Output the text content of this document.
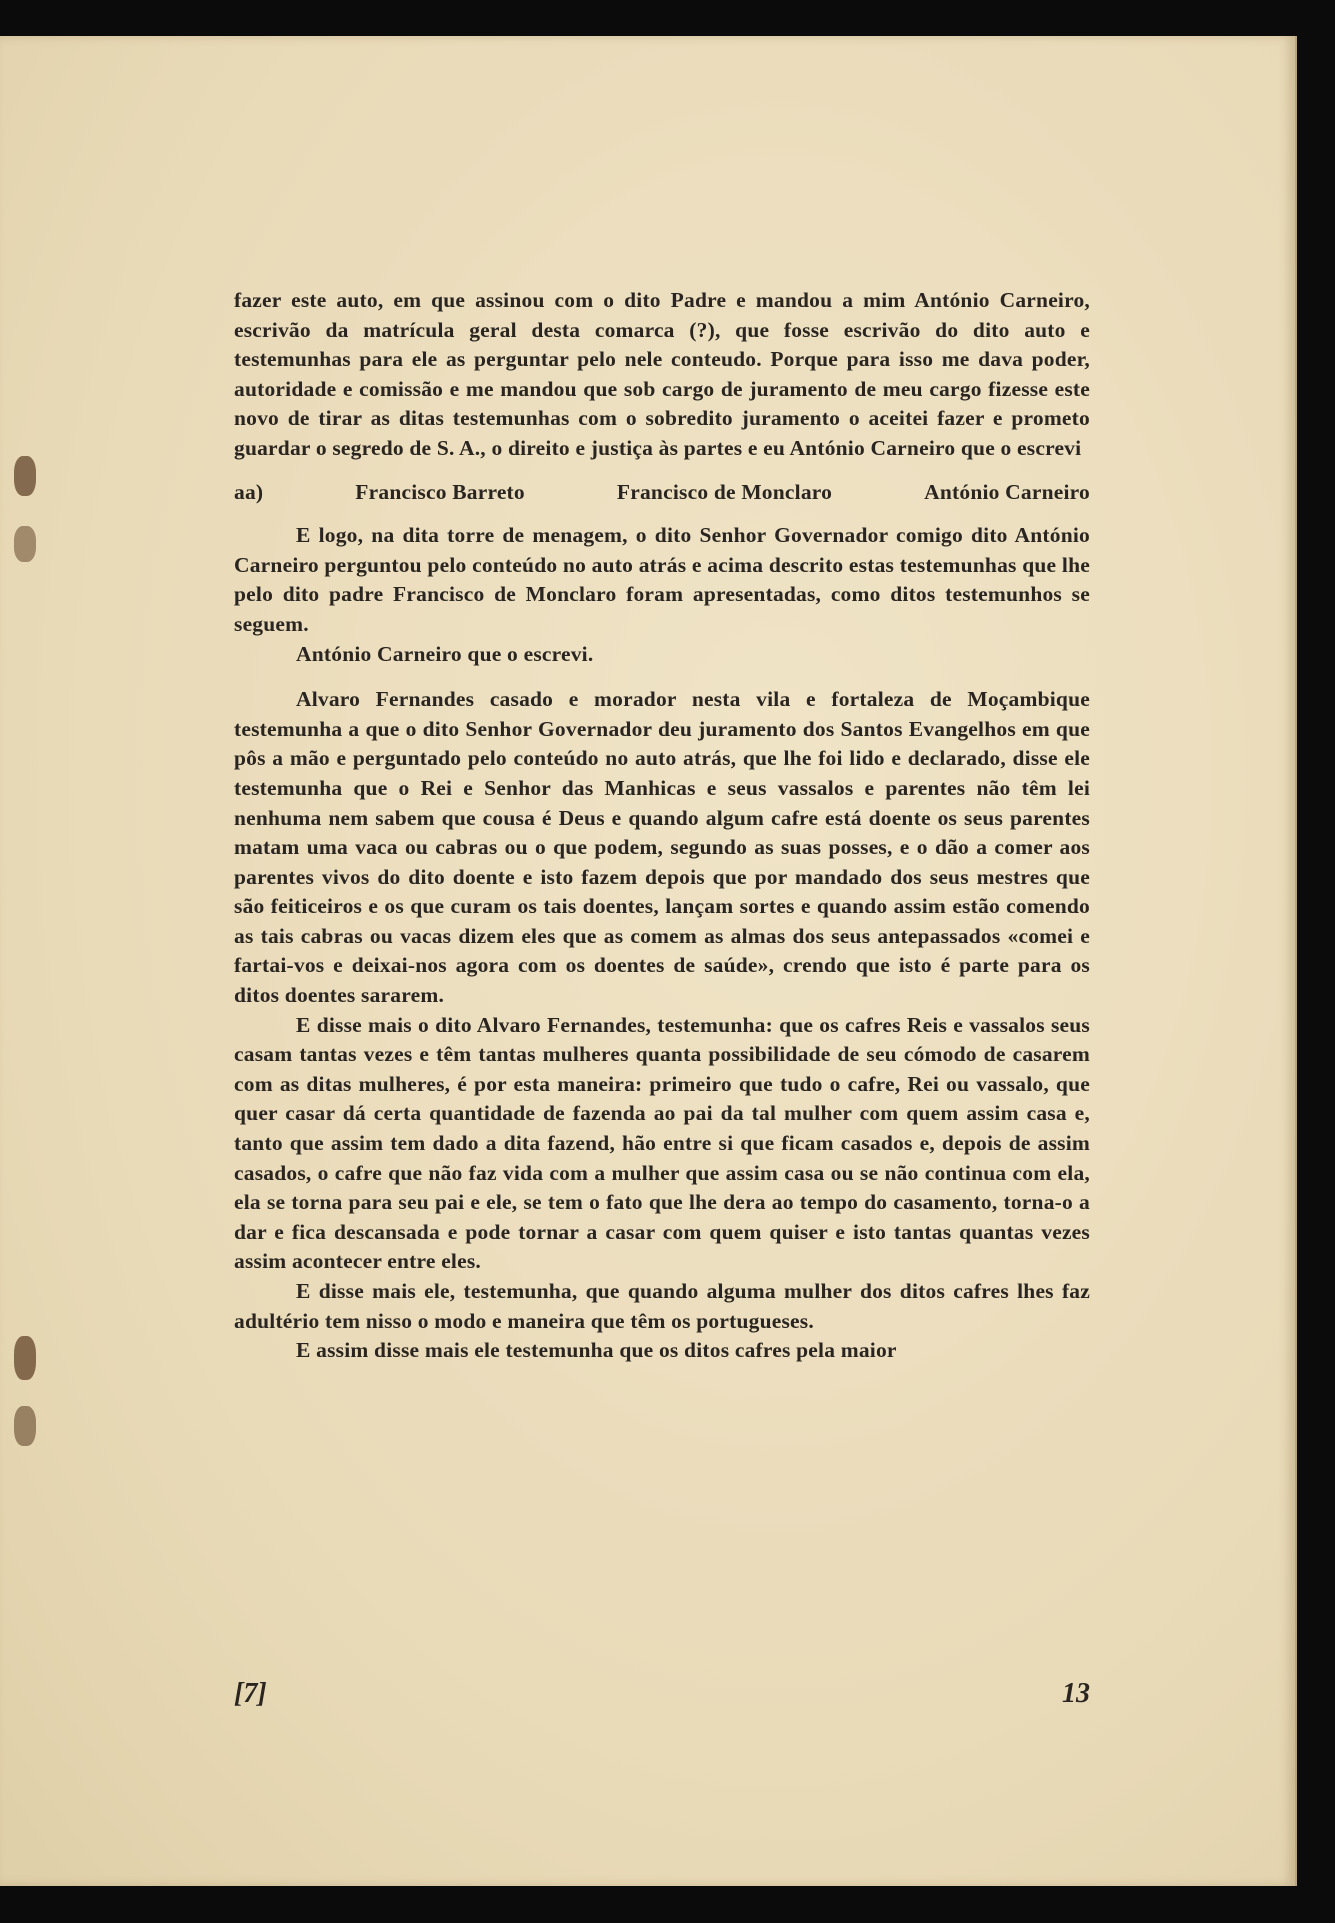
fazer este auto, em que assinou com o dito Padre e mandou a mim António Carneiro, escrivão da matrícula geral desta comarca (?), que fosse escrivão do dito auto e testemunhas para ele as perguntar pelo nele conteudo. Porque para isso me dava poder, autoridade e comissão e me mandou que sob cargo de juramento de meu cargo fizesse este novo de tirar as ditas testemunhas com o sobredito juramento o aceitei fazer e prometo guardar o segredo de S. A., o direito e justiça às partes e eu António Carneiro que o escrevi

aa)	Francisco Barreto	Francisco de Monclaro	António Carneiro

E logo, na dita torre de menagem, o dito Senhor Governador comigo dito António Carneiro perguntou pelo conteúdo no auto atrás e acima descrito estas testemunhas que lhe pelo dito padre Francisco de Monclaro foram apresentadas, como ditos testemunhos se seguem.

António Carneiro que o escrevi.

Alvaro Fernandes casado e morador nesta vila e fortaleza de Moçambique testemunha a que o dito Senhor Governador deu juramento dos Santos Evangelhos em que pôs a mão e perguntado pelo conteúdo no auto atrás, que lhe foi lido e declarado, disse ele testemunha que o Rei e Senhor das Manhicas e seus vassalos e parentes não têm lei nenhuma nem sabem que cousa é Deus e quando algum cafre está doente os seus parentes matam uma vaca ou cabras ou o que podem, segundo as suas posses, e o dão a comer aos parentes vivos do dito doente e isto fazem depois que por mandado dos seus mestres que são feiticeiros e os que curam os tais doentes, lançam sortes e quando assim estão comendo as tais cabras ou vacas dizem eles que as comem as almas dos seus antepassados «comei e fartai-vos e deixai-nos agora com os doentes de saúde», crendo que isto é parte para os ditos doentes sararem.

E disse mais o dito Alvaro Fernandes, testemunha: que os cafres Reis e vassalos seus casam tantas vezes e têm tantas mulheres quanta possibilidade de seu cómodo de casarem com as ditas mulheres, é por esta maneira: primeiro que tudo o cafre, Rei ou vassalo, que quer casar dá certa quantidade de fazenda ao pai da tal mulher com quem assim casa e, tanto que assim tem dado a dita fazend, hão entre si que ficam casados e, depois de assim casados, o cafre que não faz vida com a mulher que assim casa ou se não continua com ela, ela se torna para seu pai e ele, se tem o fato que lhe dera ao tempo do casamento, torna-o a dar e fica descansada e pode tornar a casar com quem quiser e isto tantas quantas vezes assim acontecer entre eles.

E disse mais ele, testemunha, que quando alguma mulher dos ditos cafres lhes faz adultério tem nisso o modo e maneira que têm os portugueses.

E assim disse mais ele testemunha que os ditos cafres pela maior

[7]	13
